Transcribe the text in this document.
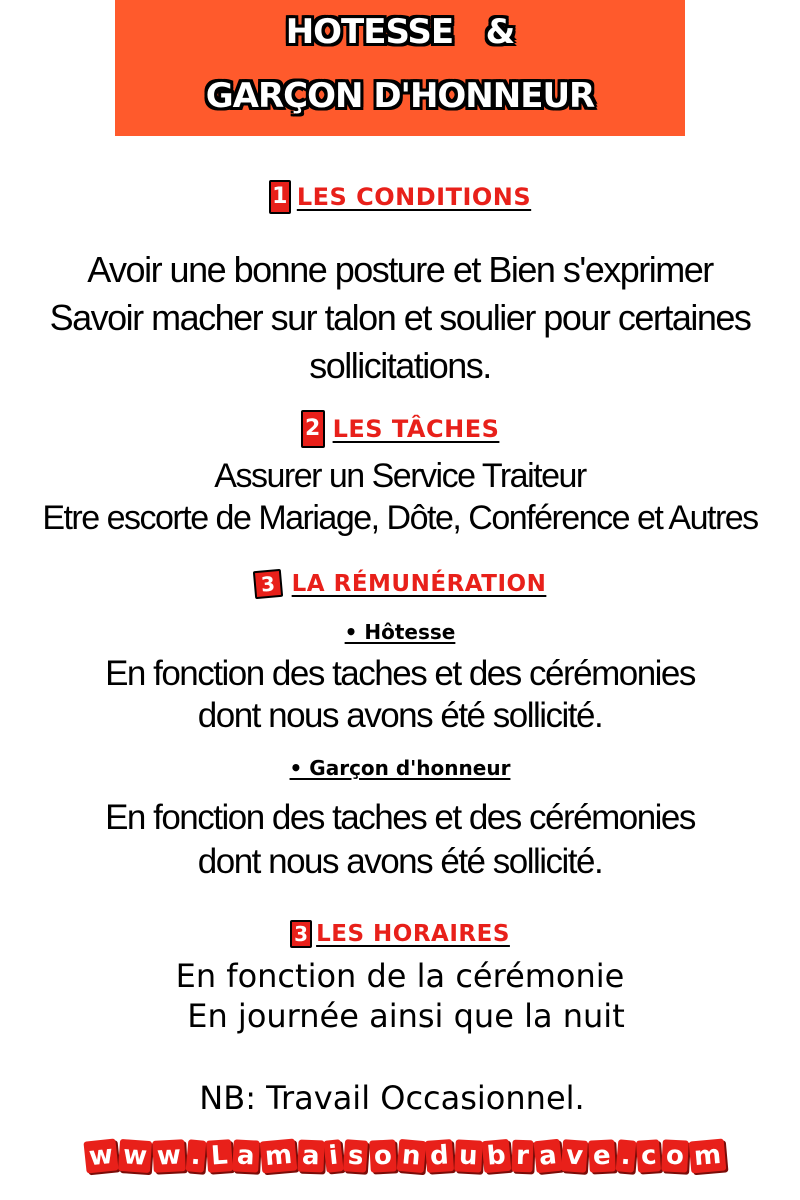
HOTESSE   &
GARÇON D'HONNEUR
1 LES CONDITIONS
Avoir une bonne posture et Bien s'exprimer
Savoir macher sur talon et soulier pour certaines
sollicitations.
2 LES TÂCHES
Assurer un Service Traiteur
Etre escorte de Mariage, Dôte, Conférence et Autres
3 LA RÉMUNÉRATION
• Hôtesse
En fonction des taches et des cérémonies
dont nous avons été sollicité.
• Garçon d'honneur
En fonction des taches et des cérémonies
dont nous avons été sollicité.
3 LES HORAIRES
En fonction de la cérémonie
En journée ainsi que la nuit
NB: Travail Occasionnel.
w w w . L a m a i s o n d u b r a v e . c o m
